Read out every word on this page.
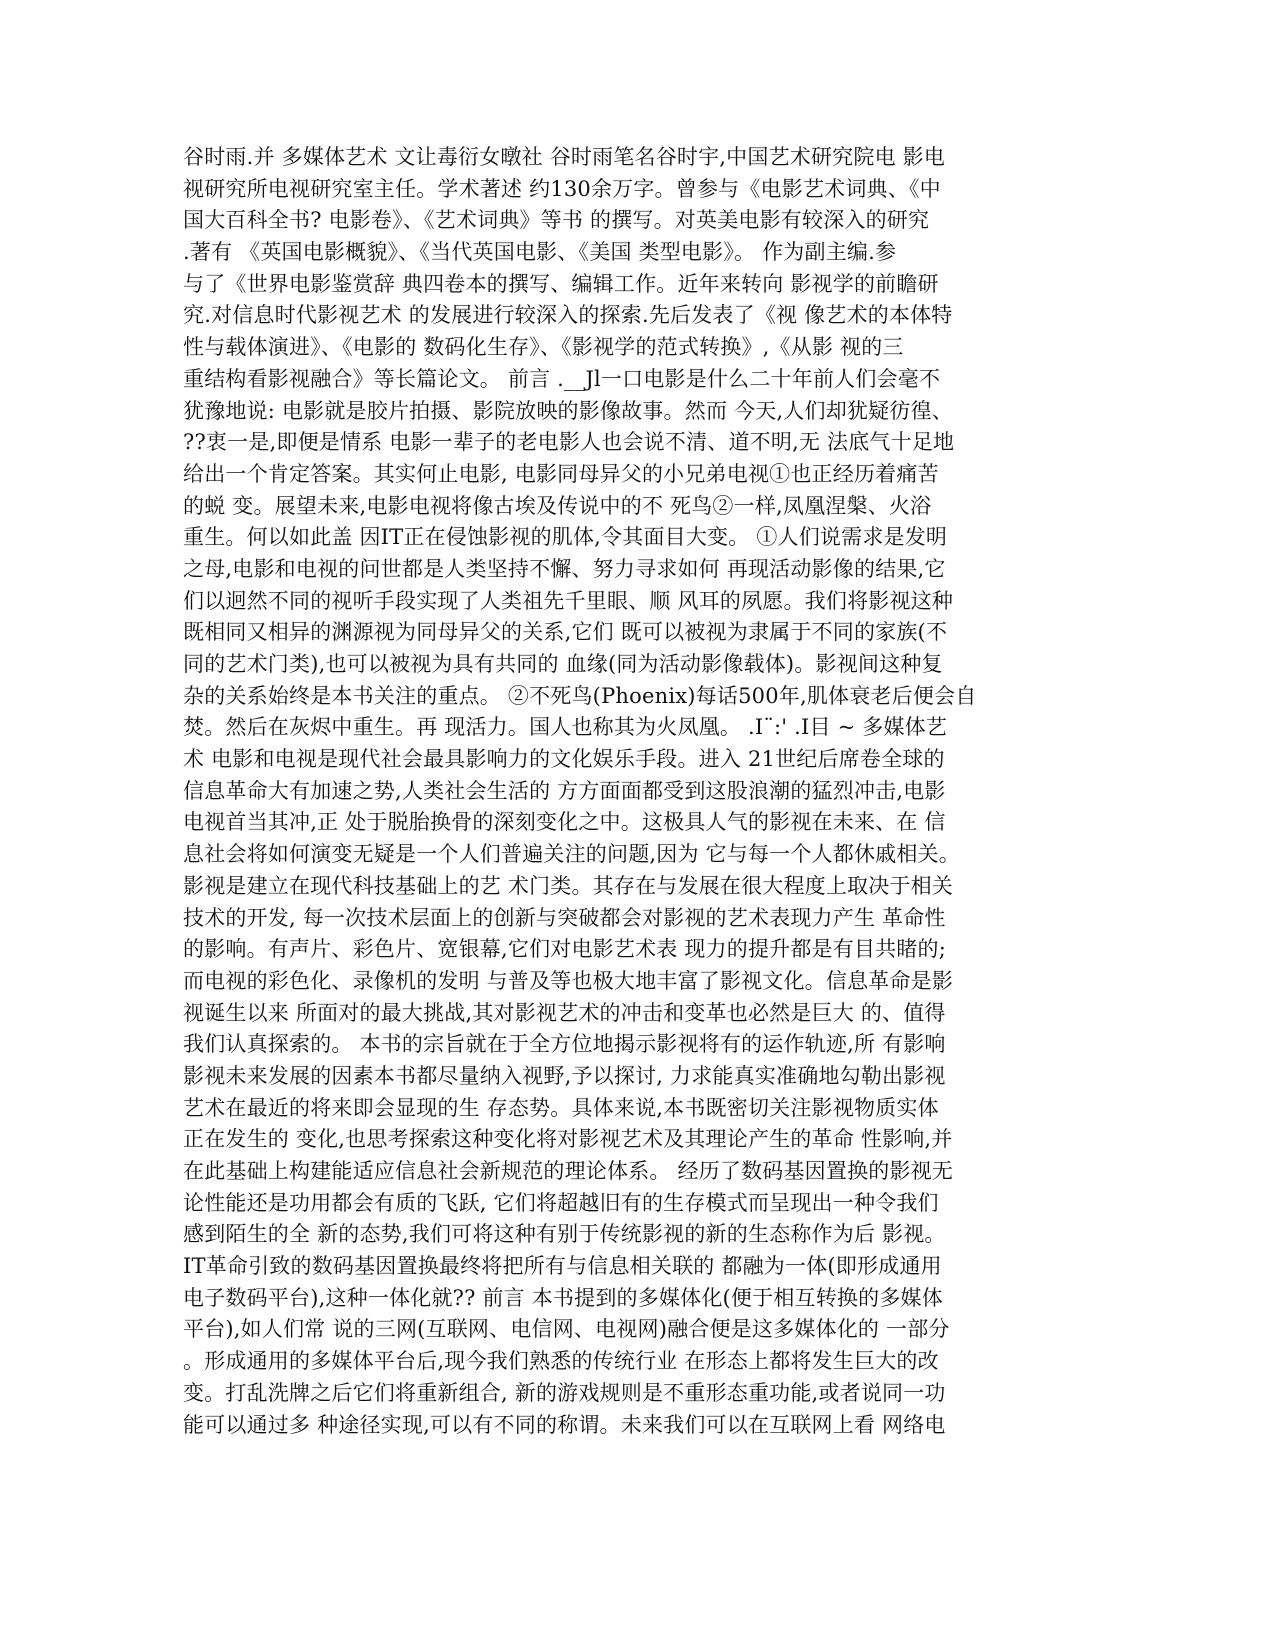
谷时雨.并 多媒体艺术 文让毒衍女暾社 谷时雨笔名谷时宇,中国艺术研究院电 影电
视研究所电视研究室主任。学术著述 约130余万字。曾参与《电影艺术词典、《中
国大百科全书? 电影卷》、《艺术词典》等书 的撰写。对英美电影有较深入的研究
.著有 《英国电影概貌》、《当代英国电影、《美国 类型电影》。 作为副主编.参
与了《世界电影鉴赏辞 典四卷本的撰写、编辑工作。近年来转向 影视学的前瞻研
究.对信息时代影视艺术 的发展进行较深入的探索.先后发表了《视 像艺术的本体特
性与载体演进》、《电影的 数码化生存》、《影视学的范式转换》,《从影 视的三
重结构看影视融合》等长篇论文。 前言 .__Jl一口电影是什么二十年前人们会毫不
犹豫地说: 电影就是胶片拍摄、影院放映的影像故事。然而 今天,人们却犹疑彷徨、
??衷一是,即便是情系 电影一辈子的老电影人也会说不清、道不明,无 法底气十足地
给出一个肯定答案。其实何止电影, 电影同母异父的小兄弟电视①也正经历着痛苦
的蜕 变。展望未来,电影电视将像古埃及传说中的不 死鸟②一样,凤凰涅槃、火浴
重生。何以如此盖 因IT正在侵蚀影视的肌体,令其面目大变。 ①人们说需求是发明
之母,电影和电视的问世都是人类坚持不懈、努力寻求如何 再现活动影像的结果,它
们以迥然不同的视听手段实现了人类祖先千里眼、顺 风耳的夙愿。我们将影视这种
既相同又相异的渊源视为同母异父的关系,它们 既可以被视为隶属于不同的家族(不
同的艺术门类),也可以被视为具有共同的 血缘(同为活动影像载体)。影视间这种复
杂的关系始终是本书关注的重点。 ②不死鸟(Phoenix)每话500年,肌体衰老后便会自
焚。然后在灰烬中重生。再 现活力。国人也称其为火凤凰。 .I¨:' .I目 ~ 多媒体艺
术 电影和电视是现代社会最具影响力的文化娱乐手段。进入 21世纪后席卷全球的
信息革命大有加速之势,人类社会生活的 方方面面都受到这股浪潮的猛烈冲击,电影
电视首当其冲,正 处于脱胎换骨的深刻变化之中。这极具人气的影视在未来、在 信
息社会将如何演变无疑是一个人们普遍关注的问题,因为 它与每一个人都休戚相关。
影视是建立在现代科技基础上的艺 术门类。其存在与发展在很大程度上取决于相关
技术的开发, 每一次技术层面上的创新与突破都会对影视的艺术表现力产生 革命性
的影响。有声片、彩色片、宽银幕,它们对电影艺术表 现力的提升都是有目共睹的;
而电视的彩色化、录像机的发明 与普及等也极大地丰富了影视文化。信息革命是影
视诞生以来 所面对的最大挑战,其对影视艺术的冲击和变革也必然是巨大 的、值得
我们认真探索的。 本书的宗旨就在于全方位地揭示影视将有的运作轨迹,所 有影响
影视未来发展的因素本书都尽量纳入视野,予以探讨, 力求能真实准确地勾勒出影视
艺术在最近的将来即会显现的生 存态势。具体来说,本书既密切关注影视物质实体
正在发生的 变化,也思考探索这种变化将对影视艺术及其理论产生的革命 性影响,并
在此基础上构建能适应信息社会新规范的理论体系。 经历了数码基因置换的影视无
论性能还是功用都会有质的飞跃, 它们将超越旧有的生存模式而呈现出一种令我们
感到陌生的全 新的态势,我们可将这种有别于传统影视的新的生态称作为后 影视。
IT革命引致的数码基因置换最终将把所有与信息相关联的 都融为一体(即形成通用
电子数码平台),这种一体化就?? 前言 本书提到的多媒体化(便于相互转换的多媒体
平台),如人们常 说的三网(互联网、电信网、电视网)融合便是这多媒体化的 一部分
。形成通用的多媒体平台后,现今我们熟悉的传统行业 在形态上都将发生巨大的改
变。打乱洗牌之后它们将重新组合, 新的游戏规则是不重形态重功能,或者说同一功
能可以通过多 种途径实现,可以有不同的称谓。未来我们可以在互联网上看 网络电
